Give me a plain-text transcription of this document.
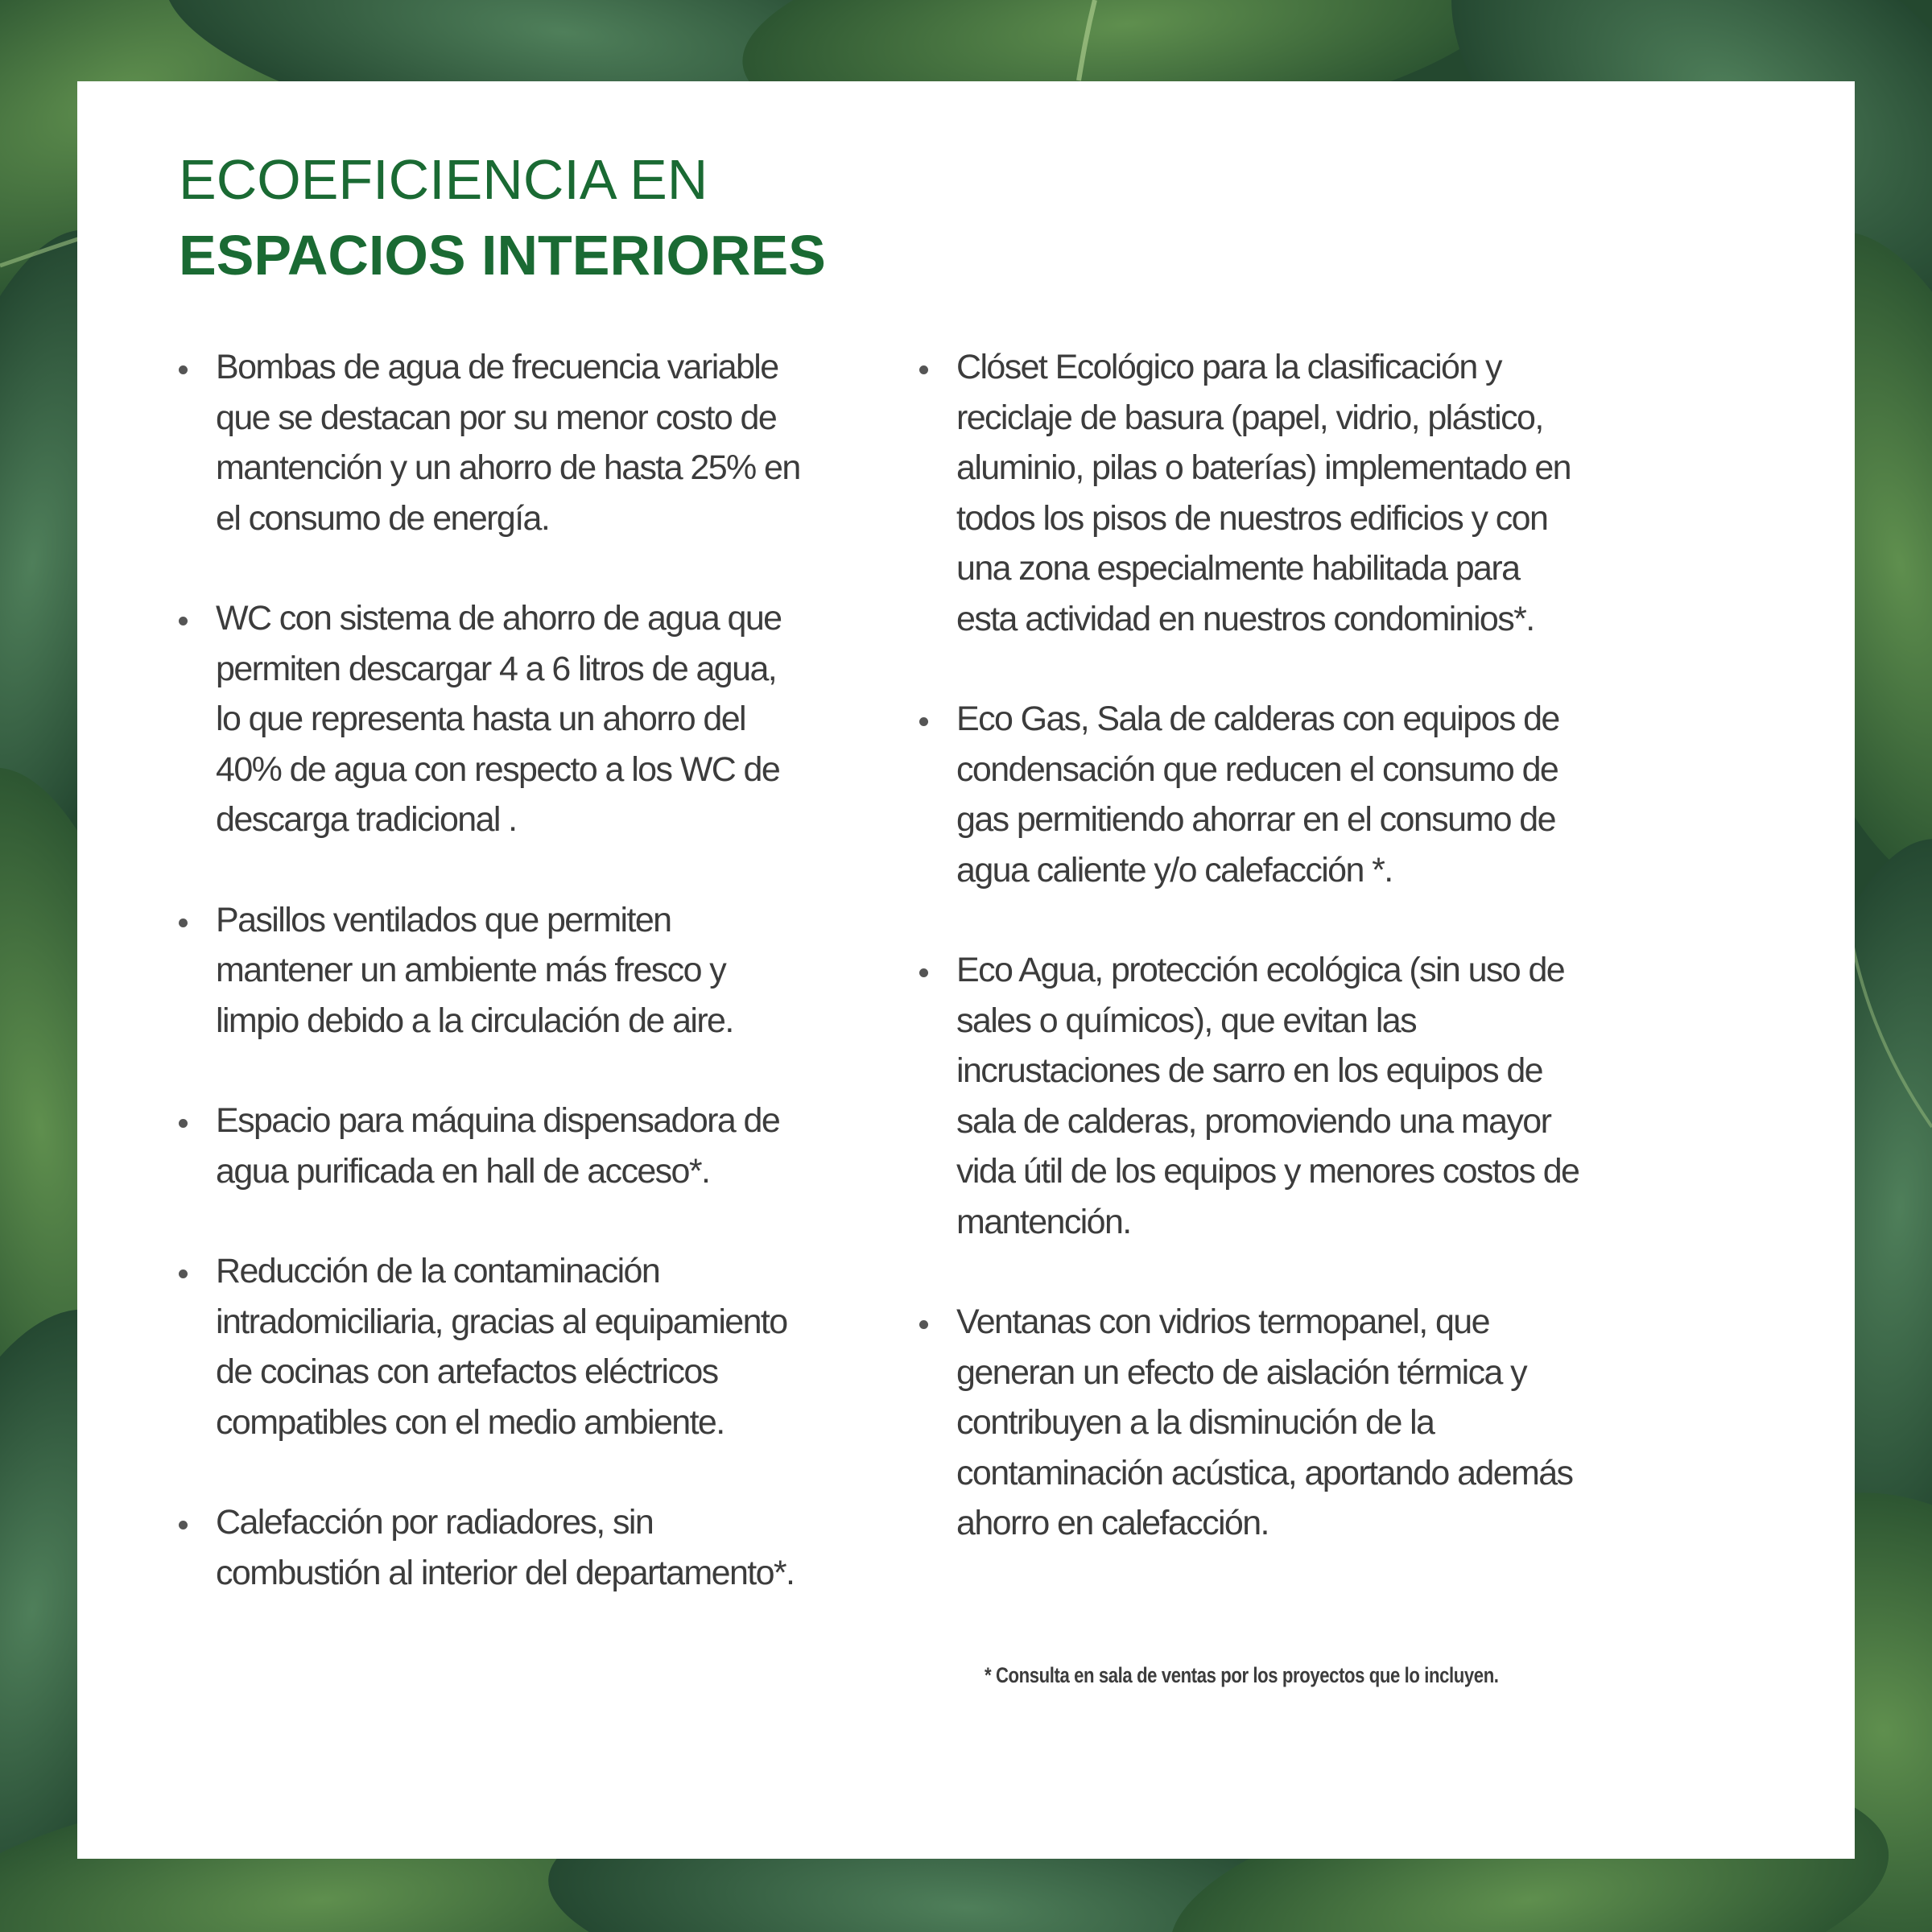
ECOEFICIENCIA EN
ESPACIOS INTERIORES
Bombas de agua de frecuencia variable que se destacan por su menor costo de mantención y un ahorro de hasta 25% en el consumo de energía.
WC con sistema de ahorro de agua que permiten descargar 4 a 6 litros de agua, lo que representa hasta un ahorro del 40% de agua con respecto a los WC de descarga tradicional .
Pasillos ventilados que permiten mantener un ambiente más fresco y limpio debido a la circulación de aire.
Espacio para máquina dispensadora de agua purificada en hall de acceso*.
Reducción de la contaminación intradomiciliaria, gracias al equipamiento de cocinas con artefactos eléctricos compatibles con el medio ambiente.
Calefacción por radiadores, sin combustión al interior del departamento*.
Clóset Ecológico para la clasificación y reciclaje de basura (papel, vidrio, plástico, aluminio, pilas o baterías) implementado en todos los pisos de nuestros edificios y con una zona especialmente habilitada para esta actividad en nuestros condominios*.
Eco Gas, Sala de calderas con equipos de condensación que reducen el consumo de gas permitiendo ahorrar en el consumo de agua caliente y/o calefacción *.
Eco Agua, protección ecológica (sin uso de sales o químicos), que evitan las incrustaciones de sarro en los equipos de sala de calderas, promoviendo una mayor vida útil de los equipos y menores costos de mantención.
Ventanas con vidrios termopanel, que generan un efecto de aislación térmica y contribuyen a la disminución de la contaminación acústica, aportando además ahorro en calefacción.
* Consulta en sala de ventas por los proyectos que lo incluyen.
